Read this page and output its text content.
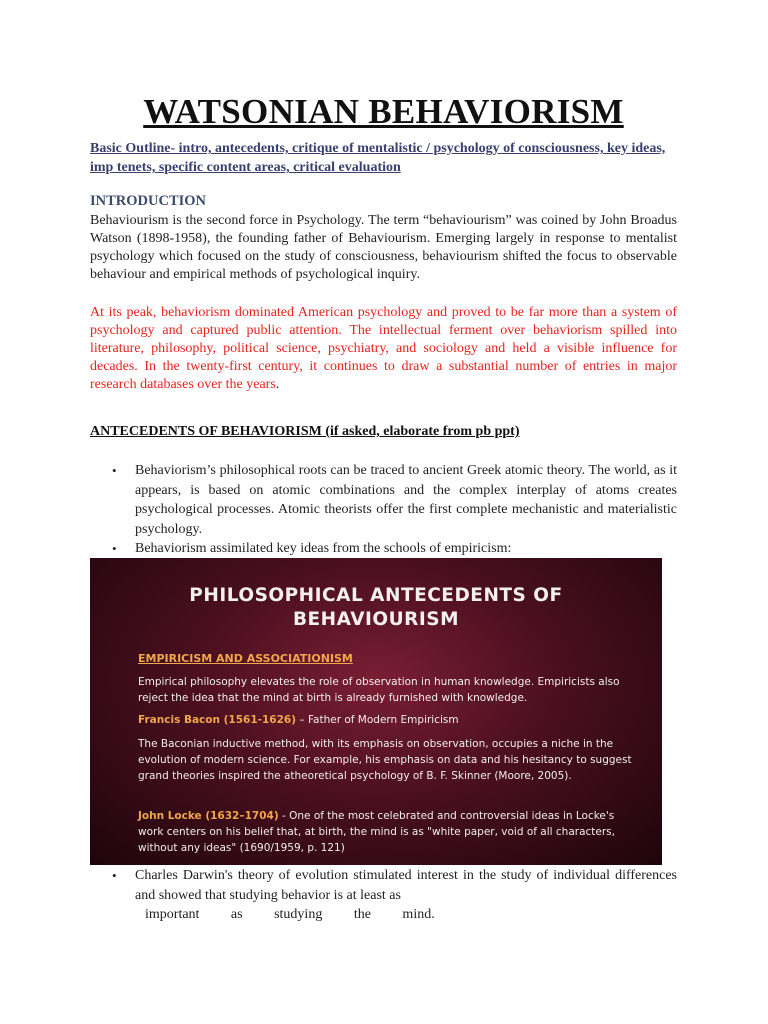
WATSONIAN BEHAVIORISM

Basic Outline- intro, antecedents, critique of mentalistic / psychology of consciousness, key ideas, imp tenets, specific content areas, critical evaluation

INTRODUCTION

Behaviourism is the second force in Psychology. The term “behaviourism” was coined by John Broadus Watson (1898-1958), the founding father of Behaviourism. Emerging largely in response to mentalist psychology which focused on the study of consciousness, behaviourism shifted the focus to observable behaviour and empirical methods of psychological inquiry.

At its peak, behaviorism dominated American psychology and proved to be far more than a system of psychology and captured public attention. The intellectual ferment over behaviorism spilled into literature, philosophy, political science, psychiatry, and sociology and held a visible influence for decades. In the twenty-first century, it continues to draw a substantial number of entries in major research databases over the years.

ANTECEDENTS OF BEHAVIORISM (if asked, elaborate from pb ppt)

• Behaviorism’s philosophical roots can be traced to ancient Greek atomic theory. The world, as it appears, is based on atomic combinations and the complex interplay of atoms creates psychological processes. Atomic theorists offer the first complete mechanistic and materialistic psychology.
• Behaviorism assimilated key ideas from the schools of empiricism:

PHILOSOPHICAL ANTECEDENTS OF
BEHAVIOURISM

EMPIRICISM AND ASSOCIATIONISM

Empirical philosophy elevates the role of observation in human knowledge. Empiricists also reject the idea that the mind at birth is already furnished with knowledge.

Francis Bacon (1561-1626) – Father of Modern Empiricism

The Baconian inductive method, with its emphasis on observation, occupies a niche in the evolution of modern science. For example, his emphasis on data and his hesitancy to suggest grand theories inspired the atheoretical psychology of B. F. Skinner (Moore, 2005).

John Locke (1632–1704) - One of the most celebrated and controversial ideas in Locke's work centers on his belief that, at birth, the mind is as "white paper, void of all characters, without any ideas" (1690/1959, p. 121)

• Charles Darwin's theory of evolution stimulated interest in the study of individual differences and showed that studying behavior is at least as
important as studying the mind.
